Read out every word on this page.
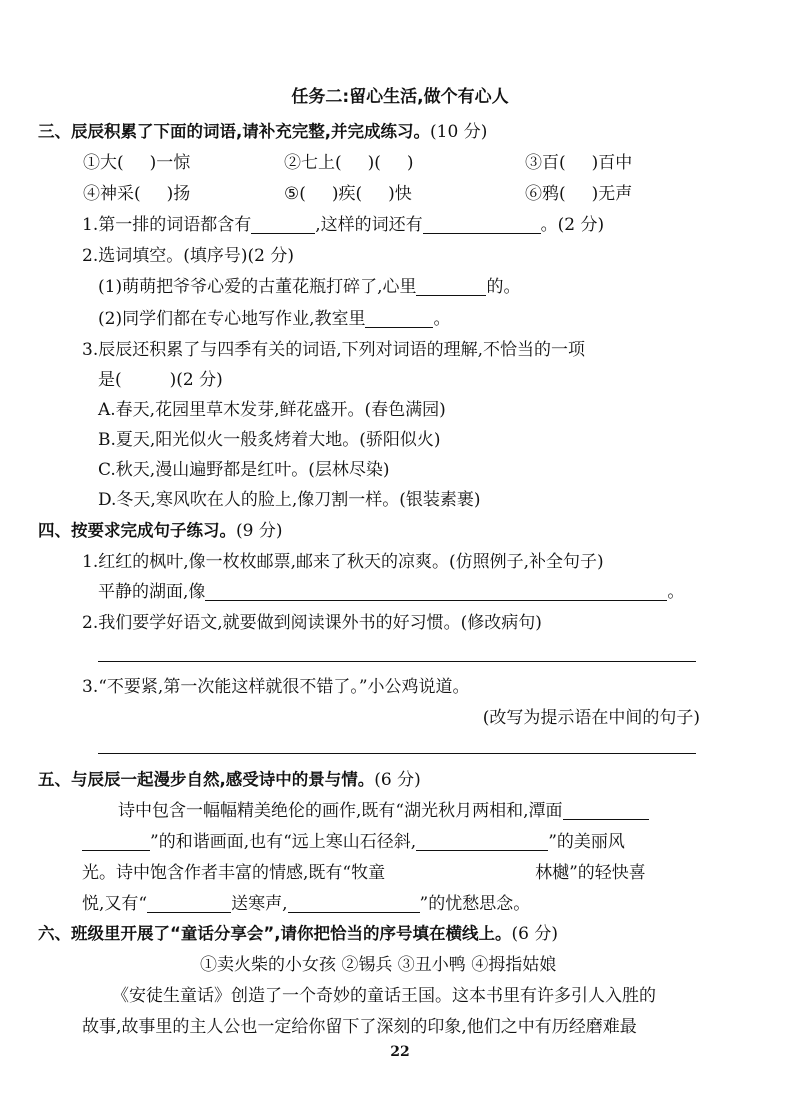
任务二:留心生活,做个有心人
三、辰辰积累了下面的词语,请补充完整,并完成练习。(10 分)
①大( )一惊	②七上( )( )	③百( )百中
④神采( )扬	⑤( )疾( )快	⑥鸦( )无声
1.第一排的词语都含有	,这样的词还有	。(2 分)
2.选词填空。(填序号)(2 分)
(1)萌萌把爷爷心爱的古董花瓶打碎了,心里	的。
(2)同学们都在专心地写作业,教室里	。
3.辰辰还积累了与四季有关的词语,下列对词语的理解,不恰当的一项
是(	)(2 分)
A.春天,花园里草木发芽,鲜花盛开。(春色满园)
B.夏天,阳光似火一般炙烤着大地。(骄阳似火)
C.秋天,漫山遍野都是红叶。(层林尽染)
D.冬天,寒风吹在人的脸上,像刀割一样。(银装素裹)
四、按要求完成句子练习。(9 分)
1.红红的枫叶,像一枚枚邮票,邮来了秋天的凉爽。(仿照例子,补全句子)
平静的湖面,像	。
2.我们要学好语文,就要做到阅读课外书的好习惯。(修改病句)
3.“不要紧,第一次能这样就很不错了。”小公鸡说道。
(改写为提示语在中间的句子)
五、与辰辰一起漫步自然,感受诗中的景与情。(6 分)
诗中包含一幅幅精美绝伦的画作,既有“湖光秋月两相和,潭面
”的和谐画面,也有“远上寒山石径斜,	”的美丽风
光。诗中饱含作者丰富的情感,既有“牧童	林樾”的轻快喜
悦,又有“	送寒声,	”的忧愁思念。
六、班级里开展了“童话分享会”,请你把恰当的序号填在横线上。(6 分)
①卖火柴的小女孩 ②锡兵 ③丑小鸭 ④拇指姑娘
《安徒生童话》创造了一个奇妙的童话王国。这本书里有许多引人入胜的
故事,故事里的主人公也一定给你留下了深刻的印象,他们之中有历经磨难最
22
